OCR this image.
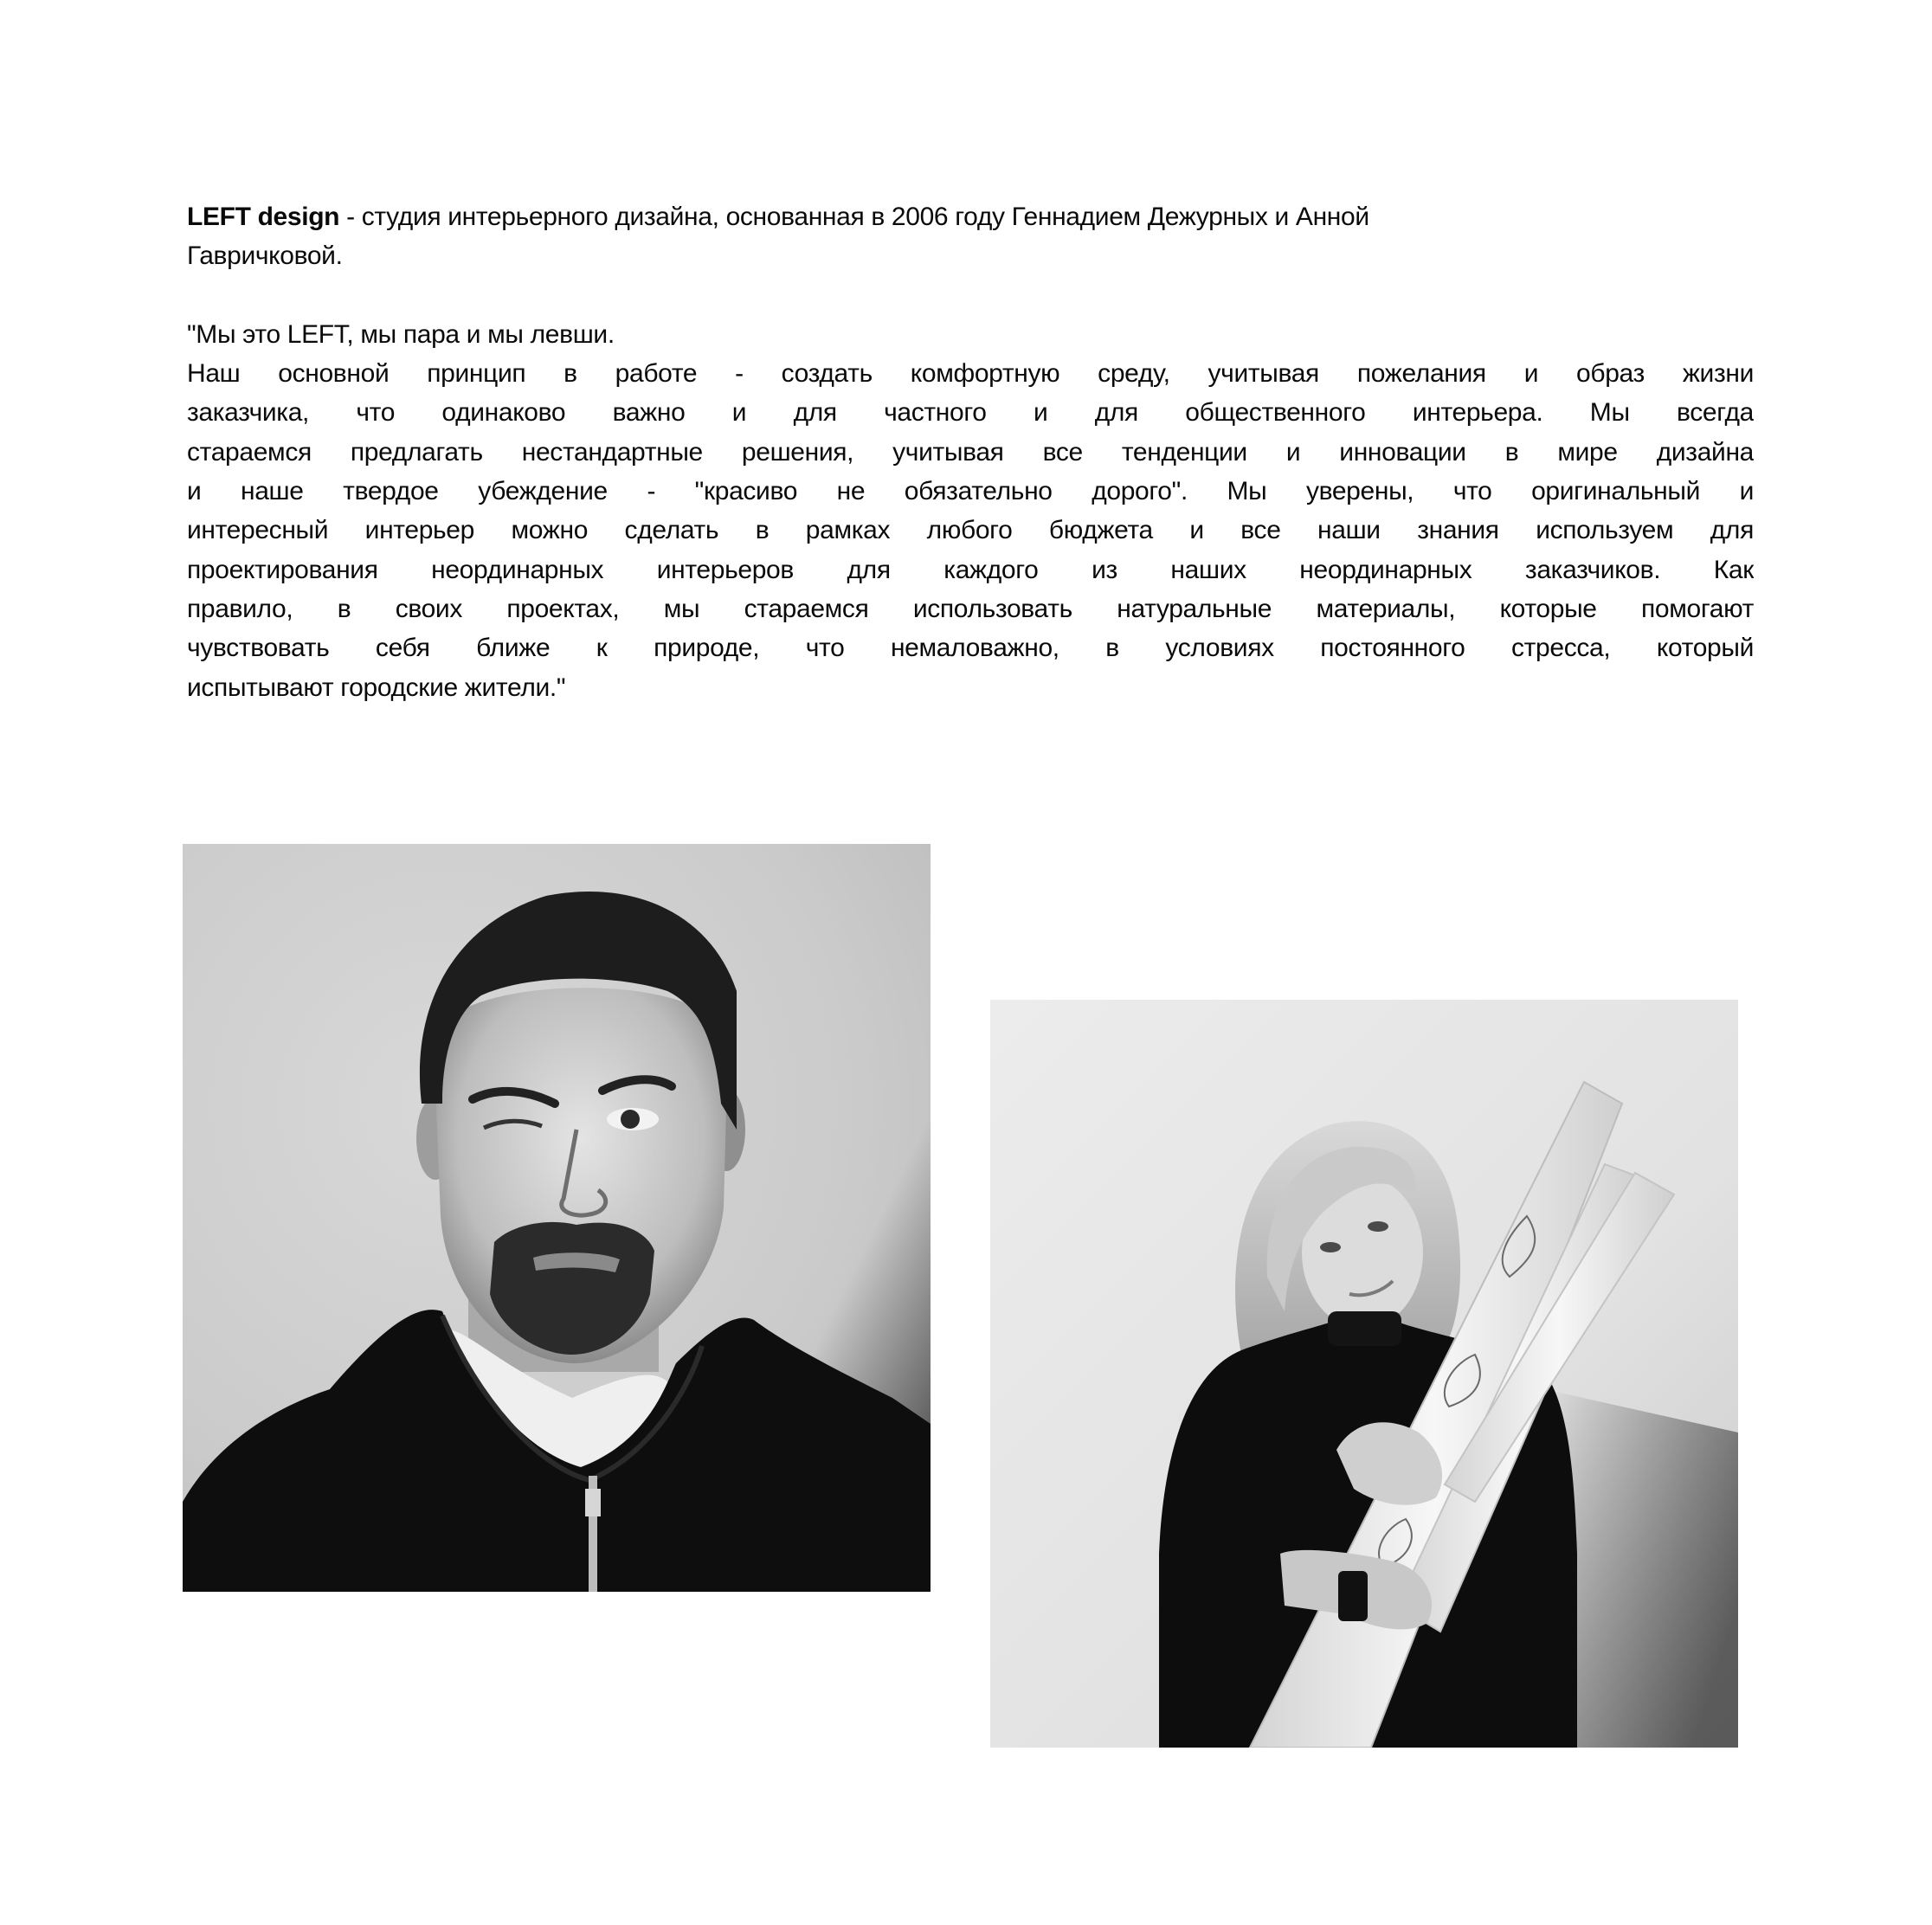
LEFT design - студия интерьерного дизайна, основанная в 2006 году Геннадием Дежурных и Анной
Гавричковой.
"Мы это LEFT, мы пара и мы левши.
Наш основной принцип в работе - создать комфортную среду, учитывая пожелания и образ жизни
заказчика, что одинаково важно и для частного и для общественного интерьера. Мы всегда
стараемся предлагать нестандартные решения, учитывая все тенденции и инновации в мире дизайна
и наше твердое убеждение - "красиво не обязательно дорого". Мы уверены, что оригинальный и
интересный интерьер можно сделать в рамках любого бюджета и все наши знания используем для
проектирования неординарных интерьеров для каждого из наших неординарных заказчиков. Как
правило, в своих проектах, мы стараемся использовать натуральные материалы, которые помогают
чувствовать себя ближе к природе, что немаловажно, в условиях постоянного стресса, который
испытывают городские жители."
